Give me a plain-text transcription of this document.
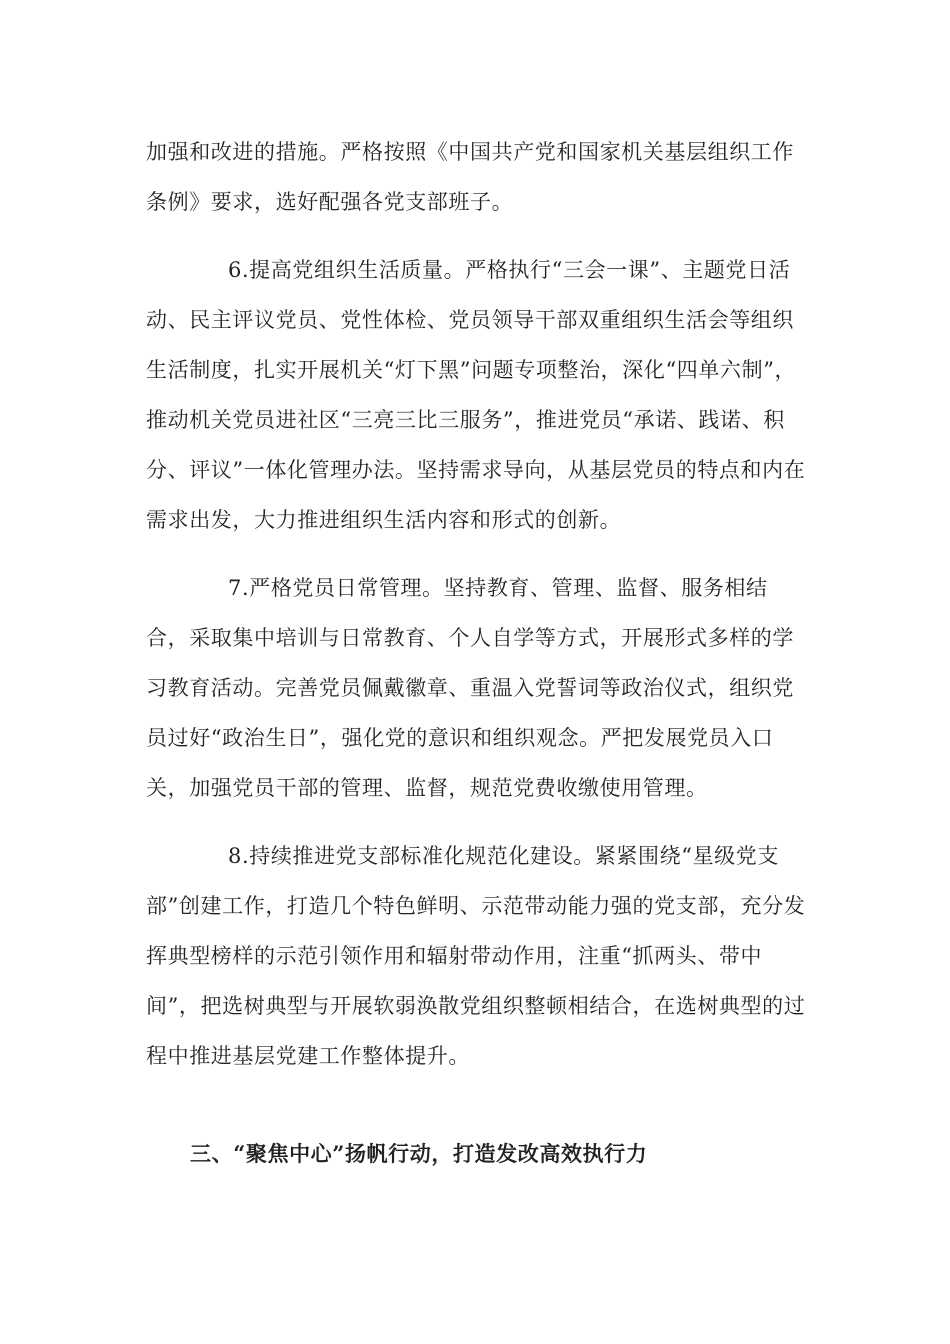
加强和改进的措施。严格按照《中国共产党和国家机关基层组织工作条例》要求，选好配强各党支部班子。

6.提高党组织生活质量。严格执行“三会一课”、主题党日活动、民主评议党员、党性体检、党员领导干部双重组织生活会等组织生活制度，扎实开展机关“灯下黑”问题专项整治，深化“四单六制”，推动机关党员进社区“三亮三比三服务”，推进党员“承诺、践诺、积分、评议”一体化管理办法。坚持需求导向，从基层党员的特点和内在需求出发，大力推进组织生活内容和形式的创新。

7.严格党员日常管理。坚持教育、管理、监督、服务相结合，采取集中培训与日常教育、个人自学等方式，开展形式多样的学习教育活动。完善党员佩戴徽章、重温入党誓词等政治仪式，组织党员过好“政治生日”，强化党的意识和组织观念。严把发展党员入口关，加强党员干部的管理、监督，规范党费收缴使用管理。

8.持续推进党支部标准化规范化建设。紧紧围绕“星级党支部”创建工作，打造几个特色鲜明、示范带动能力强的党支部，充分发挥典型榜样的示范引领作用和辐射带动作用，注重“抓两头、带中间”，把选树典型与开展软弱涣散党组织整顿相结合，在选树典型的过程中推进基层党建工作整体提升。

三、“聚焦中心”扬帆行动，打造发改高效执行力
